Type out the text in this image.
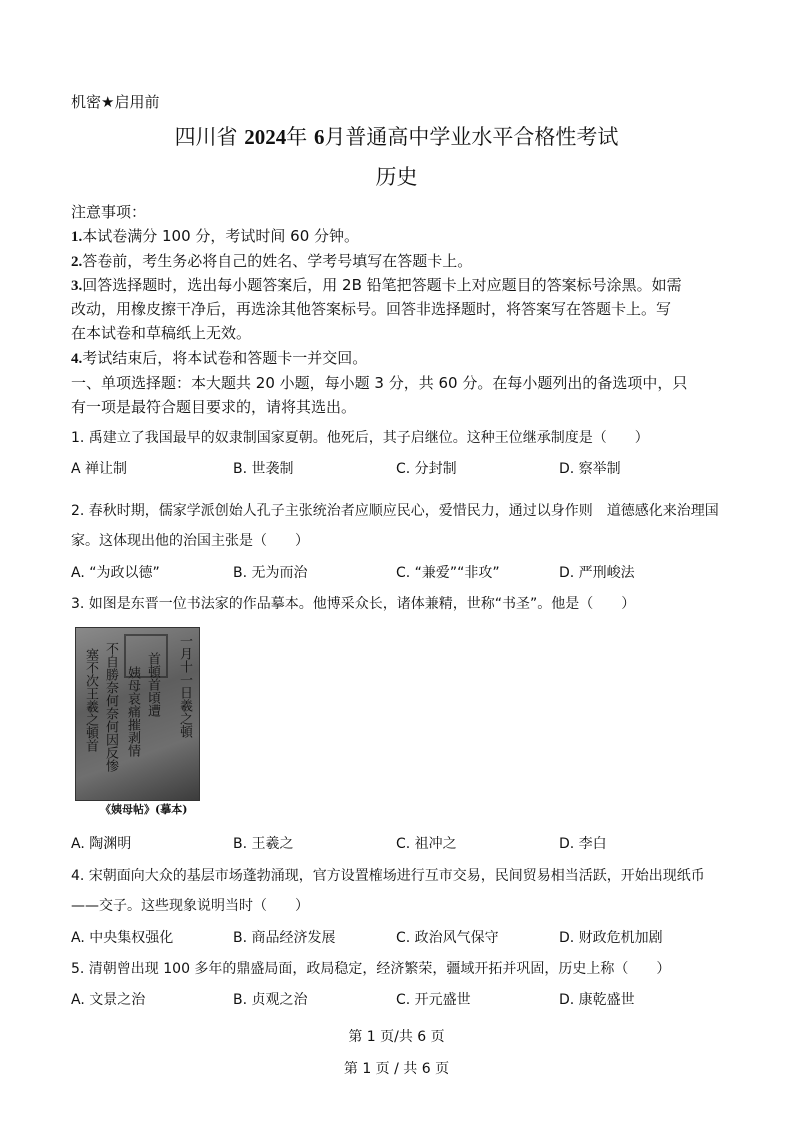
机密★启用前
四川省 2024年 6月普通高中学业水平合格性考试
历史
注意事项：
1.本试卷满分 100 分，考试时间 60 分钟。
2.答卷前，考生务必将自己的姓名、学考号填写在答题卡上。
3.回答选择题时，选出每小题答案后，用 2B 铅笔把答题卡上对应题目的答案标号涂黑。如需
改动，用橡皮擦干净后，再选涂其他答案标号。回答非选择题时，将答案写在答题卡上。写
在本试卷和草稿纸上无效。
4.考试结束后，将本试卷和答题卡一并交回。
一、单项选择题：本大题共 20 小题，每小题 3 分，共 60 分。在每小题列出的备选项中，只
有一项是最符合题目要求的，请将其选出。
1. 禹建立了我国最早的奴隶制国家夏朝。他死后，其子启继位。这种王位继承制度是（　　）
A 禅让制	B. 世袭制	C. 分封制	D. 察举制
2. 春秋时期，儒家学派创始人孔子主张统治者应顺应民心，爱惜民力，通过以身作则　道德感化来治理国
家。这体现出他的治国主张是（　　）
A. “为政以德”	B. 无为而治	C. “兼爱”“非攻”	D. 严刑峻法
3. 如图是东晋一位书法家的作品摹本。他博采众长，诸体兼精，世称“书圣”。他是（　　）
一月十一日羲之頓
首頓首頃遭
姨母哀痛摧剥情
不自勝奈何奈何因反惨
塞不次王羲之頓首
《姨母帖》(摹本)
A. 陶渊明	B. 王羲之	C. 祖冲之	D. 李白
4. 宋朝面向大众的基层市场蓬勃涌现，官方设置榷场进行互市交易，民间贸易相当活跃，开始出现纸币
——交子。这些现象说明当时（　　）
A. 中央集权强化	B. 商品经济发展	C. 政治风气保守	D. 财政危机加剧
5. 清朝曾出现 100 多年的鼎盛局面，政局稳定，经济繁荣，疆域开拓并巩固，历史上称（　　）
A. 文景之治	B. 贞观之治	C. 开元盛世	D. 康乾盛世
第 1 页/共 6 页
第 1 页 / 共 6 页
